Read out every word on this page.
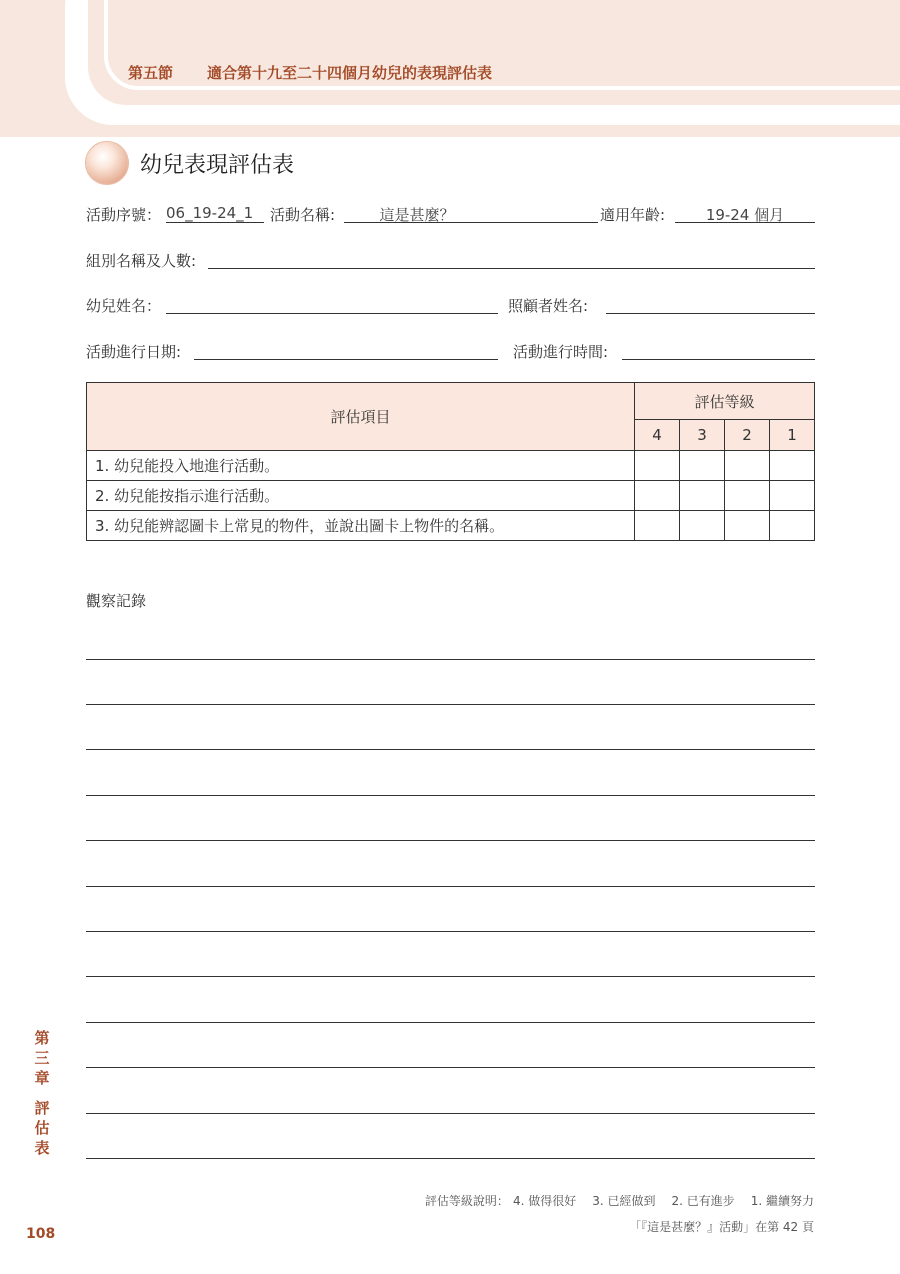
第五節 適合第十九至二十四個月幼兒的表現評估表
幼兒表現評估表
活動序號： 06_19-24_1	活動名稱:	這是甚麼？	適用年齡:	19-24 個月
組別名稱及人數:
幼兒姓名：	照顧者姓名:
活動進行日期:	活動進行時間:
評估項目	評估等級			
	4	3	2	1
1. 幼兒能投入地進行活動。				
2. 幼兒能按指示進行活動。				
3. 幼兒能辨認圖卡上常見的物件，並說出圖卡上物件的名稱。				
觀察記錄
第
三
章
評
估
表
108
評估等級說明： 4. 做得很好 3. 已經做到 2. 已有進步 1. 繼續努力
「『這是甚麼？』活動」在第 42 頁
